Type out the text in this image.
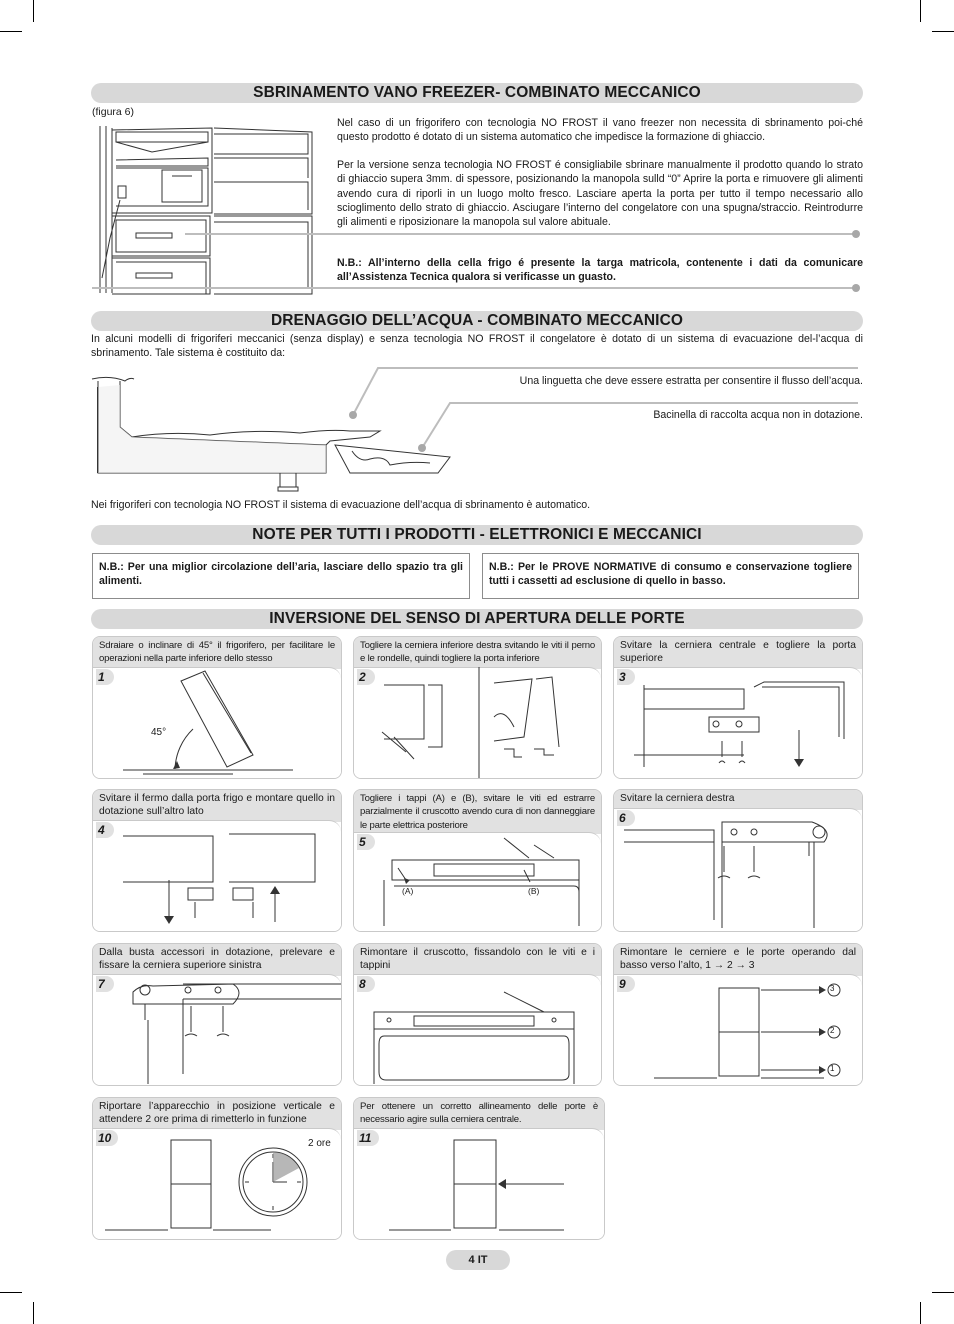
SBRINAMENTO VANO FREEZER- COMBINATO MECCANICO
(figura 6)
Nel caso di un frigorifero con tecnologia NO FROST il vano freezer non necessita di sbrinamento poi-ché questo prodotto é dotato di un sistema automatico che impedisce la formazione di ghiaccio.
Per la versione senza tecnologia NO FROST é consigliabile sbrinare manualmente il prodotto quando lo strato di ghiaccio supera 3mm. di spessore, posizionando la manopola sulld “0” Aprire la porta e rimuovere gli alimenti avendo cura di riporli in un luogo molto fresco. Lasciare aperta la porta per tutto il tempo necessario allo scioglimento dello strato di ghiaccio. Asciugare l’interno del congelatore con una spugna/straccio. Reintrodurre gli alimenti e riposizionare la manopola sul valore abituale.
N.B.: All’interno della cella frigo é presente la targa matricola, contenente i dati da comunicare all’Assistenza Tecnica qualora si verificasse un guasto.
DRENAGGIO DELL’ACQUA - COMBINATO MECCANICO
In alcuni modelli di frigoriferi meccanici (senza display) e senza tecnologia NO FROST il congelatore è dotato di un sistema di evacuazione del-l’acqua di sbrinamento. Tale sistema è costituito da:
Una linguetta che deve essere estratta per consentire il flusso dell’acqua.
Bacinella di raccolta acqua non in dotazione.
Nei frigoriferi con tecnologia NO FROST il sistema di evacuazione dell’acqua di sbrinamento è automatico.
NOTE PER TUTTI I PRODOTTI - ELETTRONICI E MECCANICI
N.B.: Per una miglior circolazione dell’aria, lasciare dello spazio tra gli alimenti.
N.B.: Per le PROVE NORMATIVE di consumo e conservazione togliere tutti i cassetti ad esclusione di quello in basso.
INVERSIONE DEL SENSO DI APERTURA DELLE PORTE
Sdraiare o inclinare di 45° il frigorifero, per facilitare le operazioni nella parte inferiore dello stesso
1
45°
Togliere la cerniera inferiore destra svitando le viti il perno e le rondelle, quindi togliere la porta inferiore
2
Svitare la cerniera centrale e togliere la porta superiore
3
Svitare il fermo dalla porta frigo e montare quello in dotazione sull’altro lato
4
Togliere i tappi (A) e (B), svitare le viti ed estrarre parzialmente il cruscotto avendo cura di non danneggiare le parte elettrica posteriore
5
(A)	(B)
Svitare la cerniera destra
6
Dalla busta accessori in dotazione, prelevare e fissare la cerniera superiore sinistra
7
Rimontare il cruscotto, fissandolo con le viti e i tappini
8
Rimontare le cerniere e le porte operando dal basso verso l’alto, 1 → 2 → 3
9	3
2
1
Riportare l’apparecchio in posizione verticale e attendere 2 ore prima di rimetterlo in funzione
10	2 ore
Per ottenere un corretto allineamento delle porte è necessario agire sulla cerniera centrale.
11
4 IT
